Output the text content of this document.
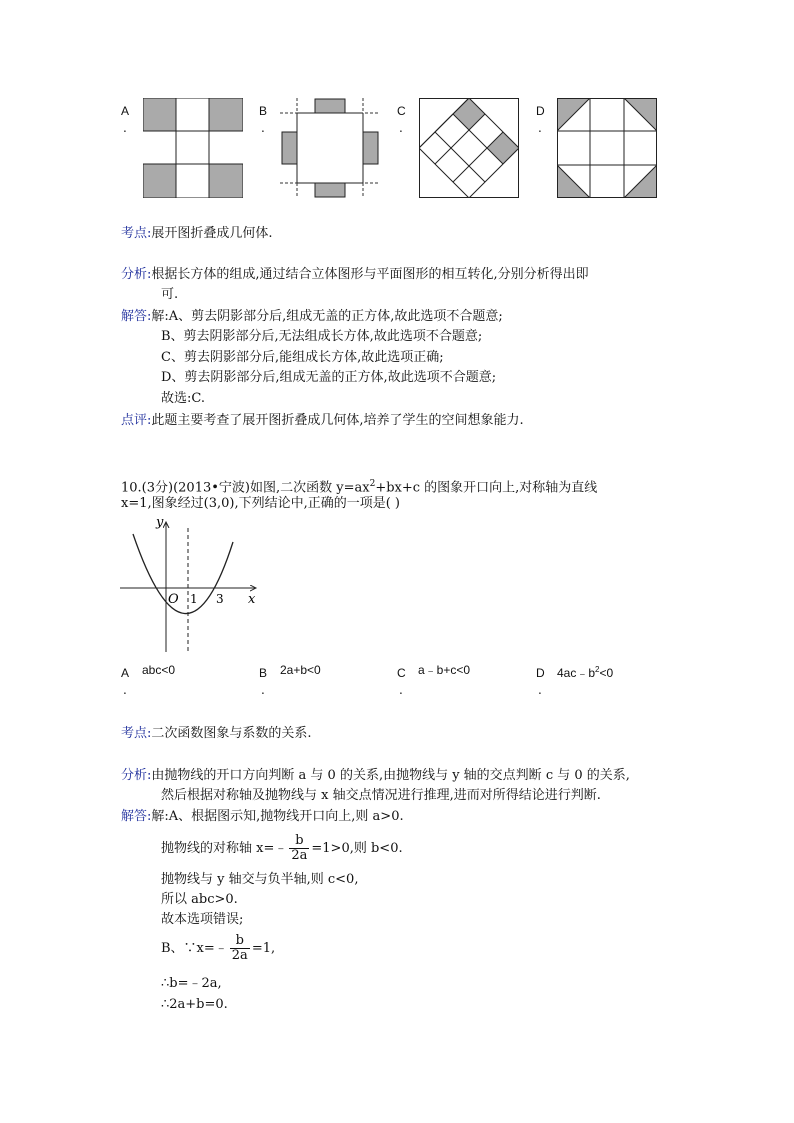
A
.
B
.
C
.
D
.
考点:展开图折叠成几何体.
分析:根据长方体的组成,通过结合立体图形与平面图形的相互转化,分别分析得出即
可.
解答:解:A、剪去阴影部分后,组成无盖的正方体,故此选项不合题意;
B、剪去阴影部分后,无法组成长方体,故此选项不合题意;
C、剪去阴影部分后,能组成长方体,故此选项正确;
D、剪去阴影部分后,组成无盖的正方体,故此选项不合题意;
故选:C.
点评:此题主要考查了展开图折叠成几何体,培养了学生的空间想象能力.
10.(3分)(2013•宁波)如图,二次函数 $y=ax^2+bx+c$ 的图象开口向上,对称轴为直线
x=1,图象经过(3,0),下列结论中,正确的一项是( )
y
x
O 1 3
A
.
abc<0	B
.
2a+b<0	C
.
a﹣b+c<0	D
.
$4ac﹣b^2<0$
考点:二次函数图象与系数的关系.
分析:由抛物线的开口方向判断 a 与 0 的关系,由抛物线与 y 轴的交点判断 c 与 0 的关系,
然后根据对称轴及抛物线与 x 轴交点情况进行推理,进而对所得结论进行判断.
解答:解:A、根据图示知,抛物线开口向上,则 a>0.
抛物线的对称轴 x=﹣ $\frac{b}{2a} =1>0$,则 b<0.
抛物线与 y 轴交与负半轴,则 c<0,
所以 abc>0.
故本选项错误;
B、∵x=﹣ $\frac{b}{2a} =1$,
∴b=﹣2a,
∴2a+b=0.
